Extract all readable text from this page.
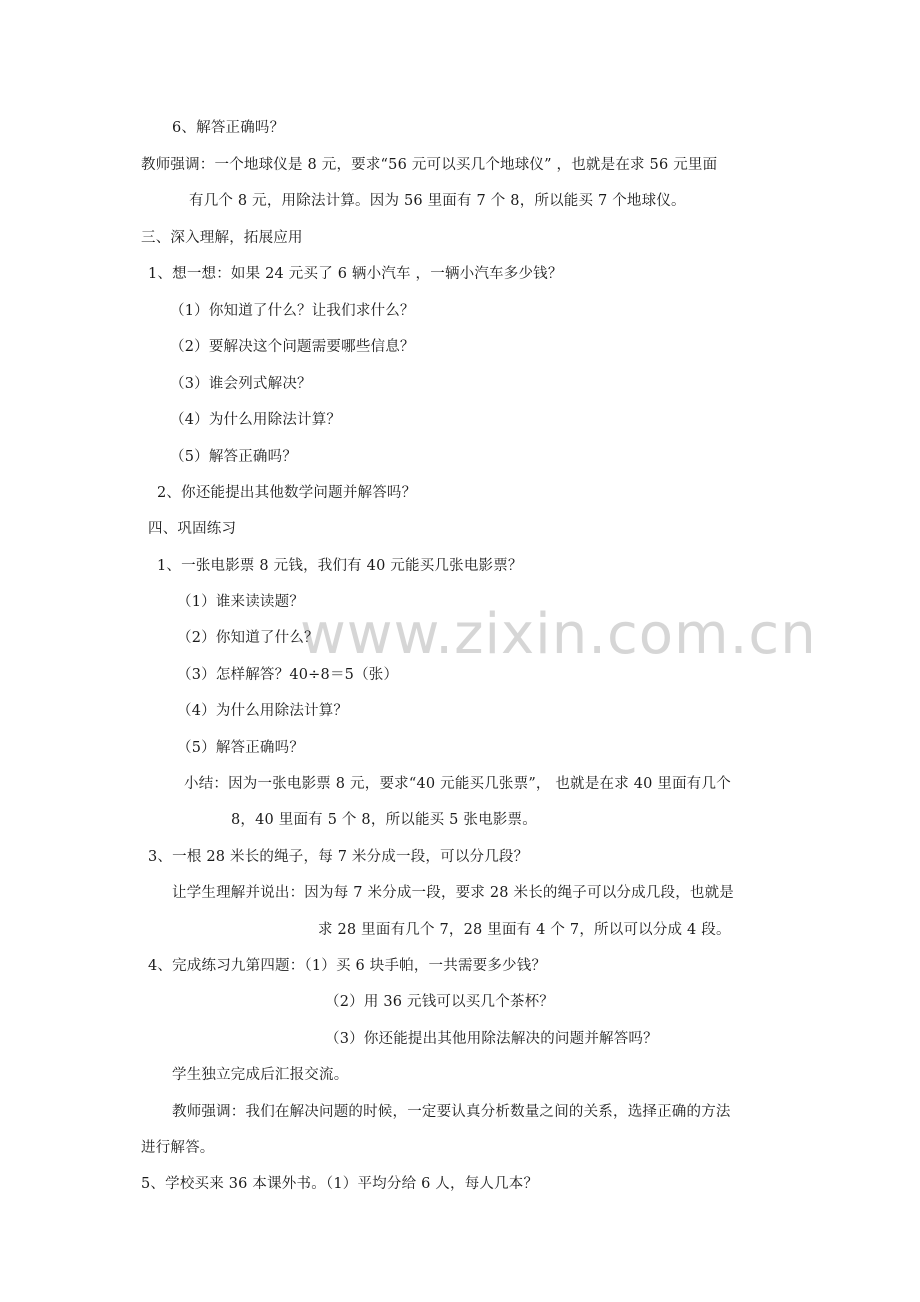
www.zixin.com.cn
6、解答正确吗？
教师强调：一个地球仪是 8 元，要求“56 元可以买几个地球仪” ，也就是在求 56 元里面
有几个 8 元，用除法计算。因为 56 里面有 7 个 8，所以能买 7 个地球仪。
三、深入理解，拓展应用
1、想一想：如果 24 元买了 6 辆小汽车 ，一辆小汽车多少钱？
（1）你知道了什么？让我们求什么？
（2）要解决这个问题需要哪些信息？
（3）谁会列式解决？
（4）为什么用除法计算？
（5）解答正确吗？
2、你还能提出其他数学问题并解答吗？
四、巩固练习
1、一张电影票 8 元钱，我们有 40 元能买几张电影票？
（1）谁来读读题？
（2）你知道了什么？
（3）怎样解答？40÷8＝5（张）
（4）为什么用除法计算？
（5）解答正确吗？
小结：因为一张电影票 8 元，要求“40 元能买几张票”， 也就是在求 40 里面有几个
8，40 里面有 5 个 8，所以能买 5 张电影票。
3、一根 28 米长的绳子，每 7 米分成一段，可以分几段？
让学生理解并说出：因为每 7 米分成一段，要求 28 米长的绳子可以分成几段，也就是
求 28 里面有几个 7，28 里面有 4 个 7，所以可以分成 4 段。
4、完成练习九第四题：（1）买 6 块手帕，一共需要多少钱？
（2）用 36 元钱可以买几个茶杯？
（3）你还能提出其他用除法解决的问题并解答吗？
学生独立完成后汇报交流。
教师强调：我们在解决问题的时候，一定要认真分析数量之间的关系，选择正确的方法
进行解答。
5、学校买来 36 本课外书。（1）平均分给 6 人，每人几本？
